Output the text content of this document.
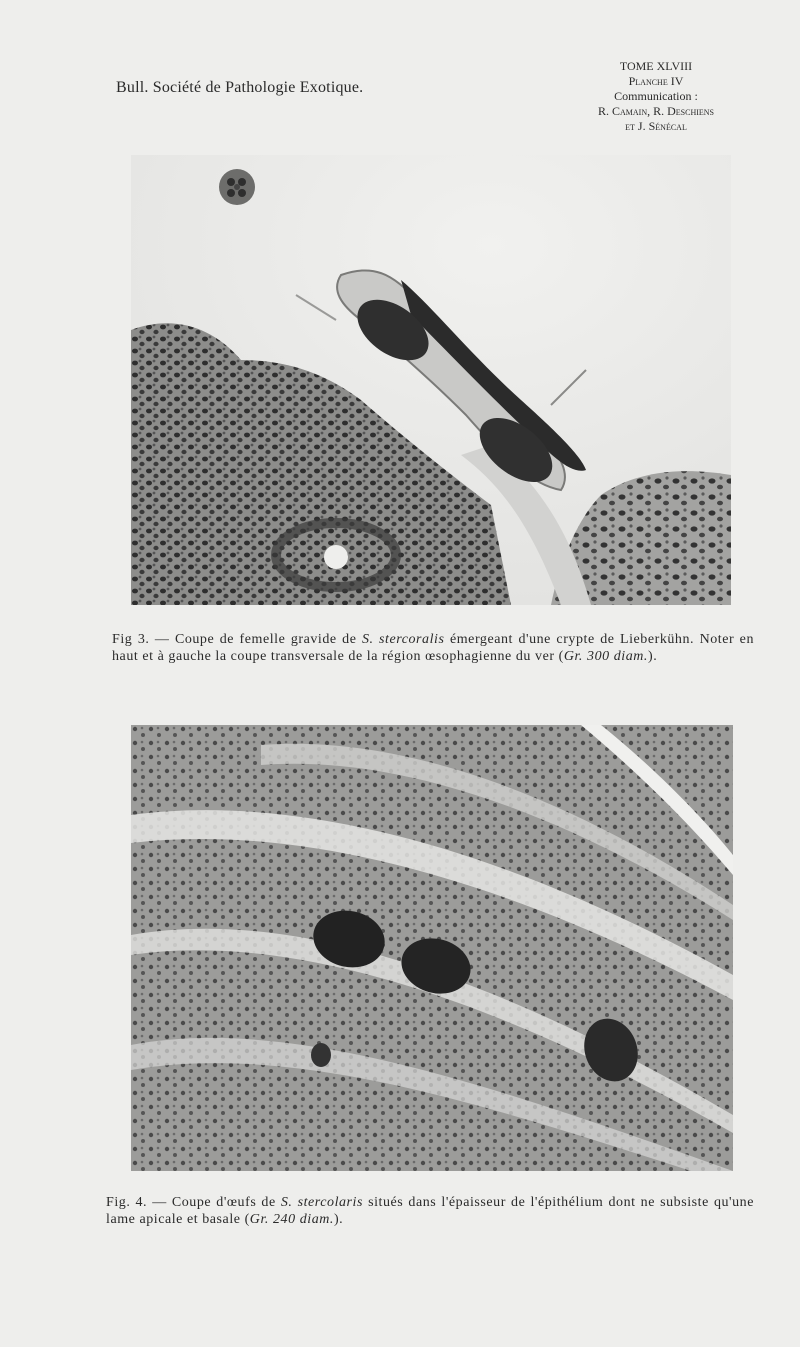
Bull. Société de Pathologie Exotique.
TOME XLVIII
Planche IV
Communication :
R. Camain, R. Deschiens
et J. Sénécal
Fig 3. — Coupe de femelle gravide de S. stercoralis émergeant d'une crypte de Lieberkühn. Noter en haut et à gauche la coupe transversale de la région œsophagienne du ver (Gr. 300 diam.).
Fig. 4. — Coupe d'œufs de S. stercolaris situés dans l'épaisseur de l'épithélium dont ne subsiste qu'une lame apicale et basale (Gr. 240 diam.).
